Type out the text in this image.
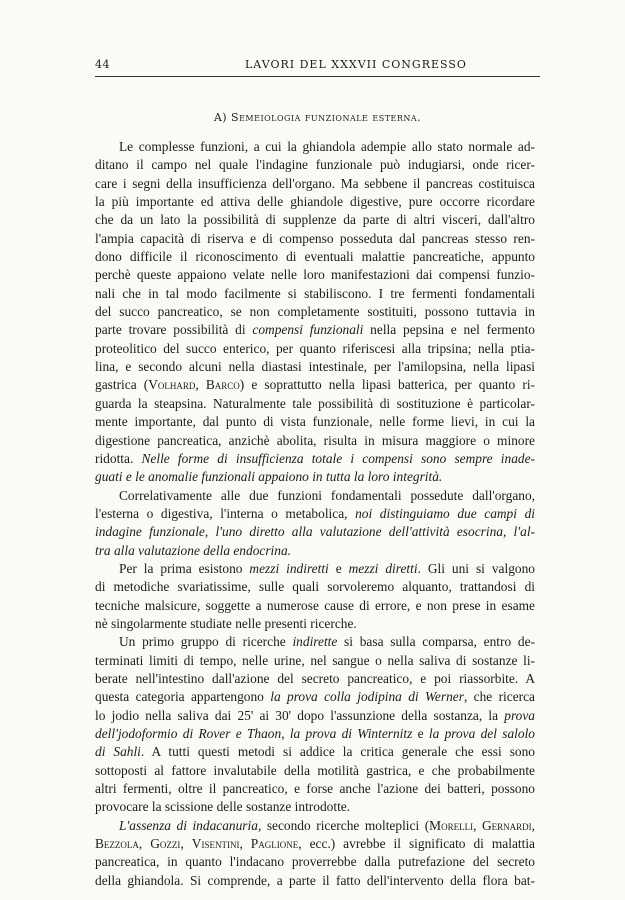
44	LAVORI DEL XXXVII CONGRESSO
A) Semeiologia funzionale esterna.
Le complesse funzioni, a cui la ghiandola adempie allo stato normale ad-
ditano il campo nel quale l'indagine funzionale può indugiarsi, onde ricer-
care i segni della insufficienza dell'organo. Ma sebbene il pancreas costituisca
la più importante ed attiva delle ghiandole digestive, pure occorre ricordare
che da un lato la possibilità di supplenze da parte di altri visceri, dall'altro
l'ampia capacità di riserva e di compenso posseduta dal pancreas stesso ren-
dono difficile il riconoscimento di eventuali malattie pancreatiche, appunto
perchè queste appaiono velate nelle loro manifestazioni dai compensi funzio-
nali che in tal modo facilmente si stabiliscono. I tre fermenti fondamentali
del succo pancreatico, se non completamente sostituiti, possono tuttavia in
parte trovare possibilità di compensi funzionali nella pepsina e nel fermento
proteolitico del succo enterico, per quanto riferiscesi alla tripsina; nella ptia-
lina, e secondo alcuni nella diastasi intestinale, per l'amilopsina, nella lipasi
gastrica (Volhard, Barco) e soprattutto nella lipasi batterica, per quanto ri-
guarda la steapsina. Naturalmente tale possibilità di sostituzione è particolar-
mente importante, dal punto di vista funzionale, nelle forme lievi, in cui la
digestione pancreatica, anzichè abolita, risulta in misura maggiore o minore
ridotta. Nelle forme di insufficienza totale i compensi sono sempre inade-
guati e le anomalie funzionali appaiono in tutta la loro integrità.
Correlativamente alle due funzioni fondamentali possedute dall'organo,
l'esterna o digestiva, l'interna o metabolica, noi distinguiamo due campi di
indagine funzionale, l'uno diretto alla valutazione dell'attività esocrina, l'al-
tra alla valutazione della endocrina.
Per la prima esistono mezzi indiretti e mezzi diretti. Gli uni si valgono
di metodiche svariatissime, sulle quali sorvoleremo alquanto, trattandosi di
tecniche malsicure, soggette a numerose cause di errore, e non prese in esame
nè singolarmente studiate nelle presenti ricerche.
Un primo gruppo di ricerche indirette si basa sulla comparsa, entro de-
terminati limiti di tempo, nelle urine, nel sangue o nella saliva di sostanze li-
berate nell'intestino dall'azione del secreto pancreatico, e poi riassorbite. A
questa categoria appartengono la prova colla jodipina di Werner, che ricerca
lo jodio nella saliva dai 25' ai 30' dopo l'assunzione della sostanza, la prova
dell'jodoformio di Rover e Thaon, la prova di Winternitz e la prova del salolo
di Sahli. A tutti questi metodi si addice la critica generale che essi sono
sottoposti al fattore invalutabile della motilità gastrica, e che probabilmente
altri fermenti, oltre il pancreatico, e forse anche l'azione dei batteri, possono
provocare la scissione delle sostanze introdotte.
L'assenza di indacanuria, secondo ricerche molteplici (Morelli, Gernardi,
Bezzola, Gozzi, Visentini, Paglione, ecc.) avrebbe il significato di malattia
pancreatica, in quanto l'indacano proverrebbe dalla putrefazione del secreto
della ghiandola. Si comprende, a parte il fatto dell'intervento della flora bat-
